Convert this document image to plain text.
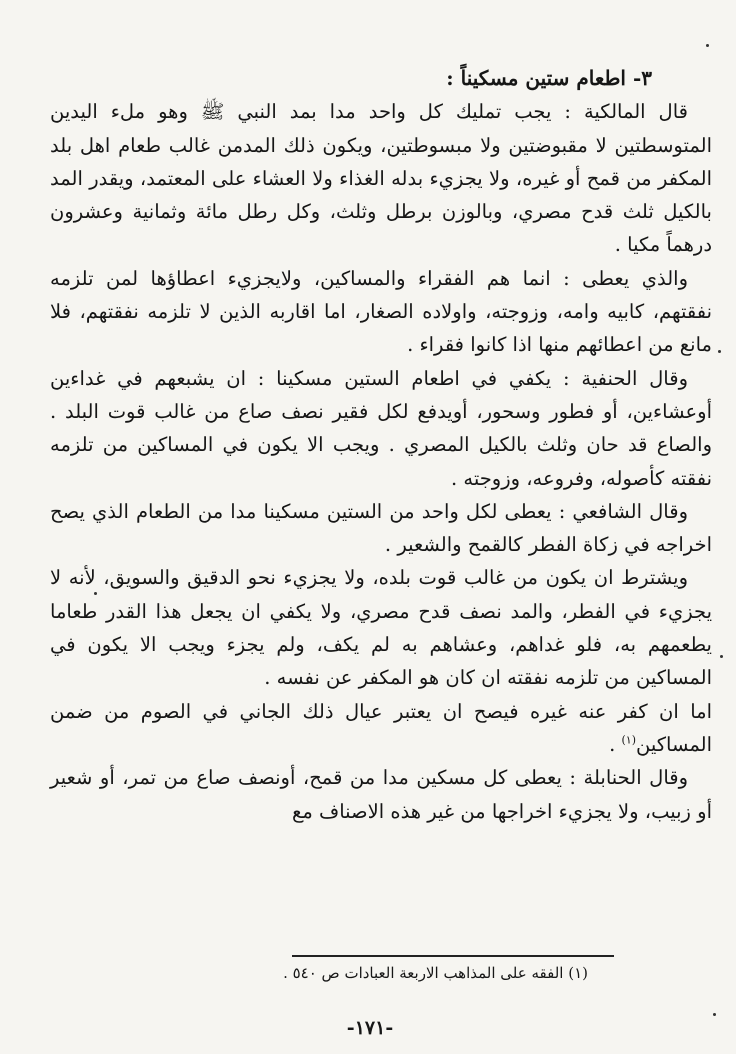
٣- اطعام ستين مسكيناً :

قال المالكية : يجب تمليك كل واحد مدا بمد النبي ﷺ وهو ملء اليدين المتوسطتين لا مقبوضتين ولا مبسوطتين، ويكون ذلك المدمن غالب طعام اهل بلد المكفر من قمح أو غيره، ولا يجزيء بدله الغذاء ولا العشاء على المعتمد، ويقدر المد بالكيل ثلث قدح مصري، وبالوزن برطل وثلث، وكل رطل مائة وثمانية وعشرون درهماً مكيا .

والذي يعطى : انما هم الفقراء والمساكين، ولايجزيء اعطاؤها لمن تلزمه نفقتهم، كابيه وامه، وزوجته، واولاده الصغار، اما اقاربه الذين لا تلزمه نفقتهم، فلا مانع من اعطائهم منها اذا كانوا فقراء .

وقال الحنفية : يكفي في اطعام الستين مسكينا : ان يشبعهم في غداءين أوعشاءين، أو فطور وسحور، أويدفع لكل فقير نصف صاع من غالب قوت البلد . والصاع قد حان وثلث بالكيل المصري . ويجب الا يكون في المساكين من تلزمه نفقته كأصوله، وفروعه، وزوجته .

وقال الشافعي : يعطى لكل واحد من الستين مسكينا مدا من الطعام الذي يصح اخراجه في زكاة الفطر كالقمح والشعير .

ويشترط ان يكون من غالب قوت بلده، ولا يجزيء نحو الدقيق والسويق، لأنه لا يجزيء في الفطر، والمد نصف قدح مصري، ولا يكفي ان يجعل هذا القدر طعاما يطعمهم به، فلو غداهم، وعشاهم به لم يكف، ولم يجزء ويجب الا يكون في المساكين من تلزمه نفقته ان كان هو المكفر عن نفسه .

اما ان كفر عنه غيره فيصح ان يعتبر عيال ذلك الجاني في الصوم من ضمن المساكين$^{(١)}$ .

وقال الحنابلة : يعطى كل مسكين مدا من قمح، أونصف صاع من تمر، أو شعير أو زبيب، ولا يجزيء اخراجها من غير هذه الاصناف مع

(١) الفقه على المذاهب الاربعة العبادات ص ٥٤٠ .
-١٧١-
